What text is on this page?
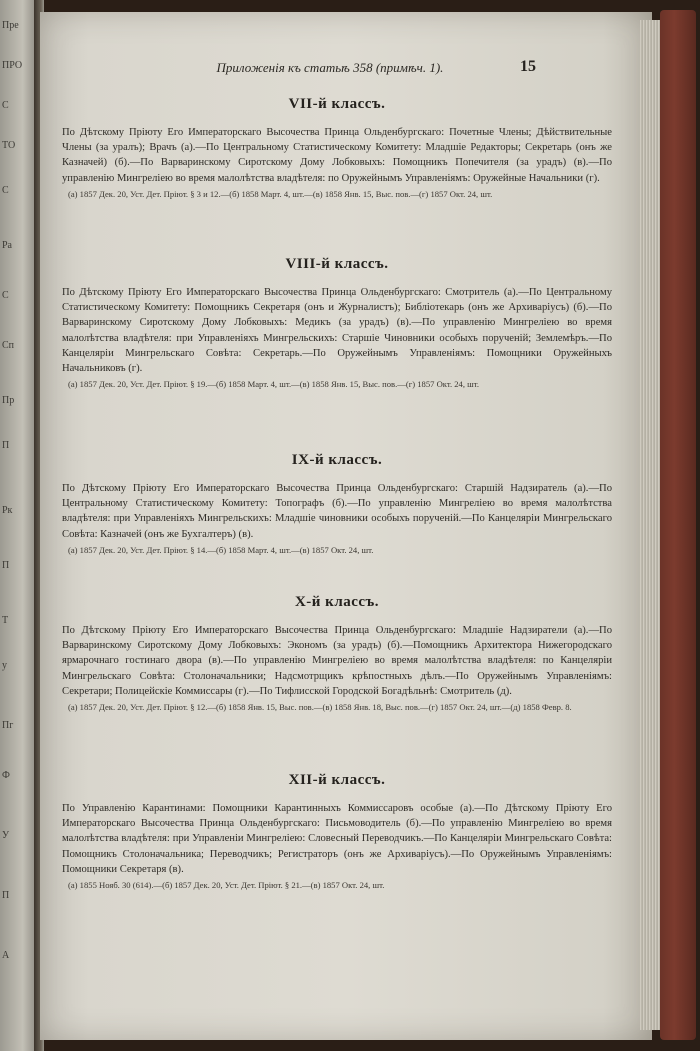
Пре
ПРО
С
ТО
С
Ра
С
Сп
Пр
П
Рк
П
Т
у
Пг
Ф
У
П
А
Приложенія къ статьѣ 358 (примѣч. 1).	15
VII-й классъ.
По Дѣтскому Пріюту Его Императорскаго Высочества Принца Ольденбургскаго: Почетные Члены; Дѣйствительные Члены (за уралъ); Врачъ (а).—По Центральному Статистическому Комитету: Младшіе Редакторы; Секретарь (онъ же Казначей) (б).—По Варваринскому Сиротскому Дому Лобковыхъ: Помощникъ Попечителя (за урадъ) (в).—По управленію Мингреліею во время малолѣтства владѣтеля: по Оружейнымъ Управленіямъ: Оружейные Начальники (г).
(а) 1857 Дек. 20, Уст. Дет. Пріют. § 3 и 12.—(б) 1858 Март. 4, шт.—(в) 1858 Янв. 15, Выс. пов.—(г) 1857 Окт. 24, шт.
VIII-й классъ.
По Дѣтскому Пріюту Его Императорскаго Высочества Принца Ольденбургскаго: Смотритель (а).—По Центральному Статистическому Комитету: Помощникъ Секретаря (онъ и Журналистъ); Библіотекарь (онъ же Архиваріусъ) (б).—По Варваринскому Сиротскому Дому Лобковыхъ: Медикъ (за урадъ) (в).—По управленію Мингреліею во время малолѣтства владѣтеля: при Управленіяхъ Мингрельскихъ: Старшіе Чиновники особыхъ порученій; Землемѣръ.—По Канцеляріи Мингрельскаго Совѣта: Секретарь.—По Оружейнымъ Управленіямъ: Помощники Оружейныхъ Начальниковъ (г).
(а) 1857 Дек. 20, Уст. Дет. Пріют. § 19.—(б) 1858 Март. 4, шт.—(в) 1858 Янв. 15, Выс. пов.—(г) 1857 Окт. 24, шт.
IX-й классъ.
По Дѣтскому Пріюту Его Императорскаго Высочества Принца Ольденбургскаго: Старшій Надзиратель (а).—По Центральному Статистическому Комитету: Топографъ (б).—По управленію Мингреліею во время малолѣтства владѣтеля: при Управленіяхъ Мингрельскихъ: Младшіе чиновники особыхъ порученій.—По Канцеляріи Мингрельскаго Совѣта: Казначей (онъ же Бухгалтеръ) (в).
(а) 1857 Дек. 20, Уст. Дет. Пріют. § 14.—(б) 1858 Март. 4, шт.—(в) 1857 Окт. 24, шт.
X-й классъ.
По Дѣтскому Пріюту Его Императорскаго Высочества Принца Ольденбургскаго: Младшіе Надзиратели (а).—По Варваринскому Сиротскому Дому Лобковыхъ: Экономъ (за урадъ) (б).—Помощникъ Архитектора Нижегородскаго ярмарочнаго гостинаго двора (в).—По управленію Мингреліею во время малолѣтства владѣтеля: по Канцеляріи Мингрельскаго Совѣта: Столоначальники; Надсмотрщикъ крѣпостныхъ дѣлъ.—По Оружейнымъ Управленіямъ: Секретари; Полицейскіе Коммиссары (г).—По Тифлисской Городской Богадѣльнѣ: Смотритель (д).
(а) 1857 Дек. 20, Уст. Дет. Пріют. § 12.—(б) 1858 Янв. 15, Выс. пов.—(в) 1858 Янв. 18, Выс. пов.—(г) 1857 Окт. 24, шт.—(д) 1858 Февр. 8.
XII-й классъ.
По Управленію Карантинами: Помощники Карантинныхъ Коммиссаровъ особые (а).—По Дѣтскому Пріюту Его Императорскаго Высочества Принца Ольденбургскаго: Письмоводитель (б).—По управленію Мингреліею во время малолѣтства владѣтеля: при Управленіи Мингреліею: Словесный Переводчикъ.—По Канцеляріи Мингрельскаго Совѣта: Помощникъ Столоначальника; Переводчикъ; Регистраторъ (онъ же Архиваріусъ).—По Оружейнымъ Управленіямъ: Помощники Секретаря (в).
(а) 1855 Нояб. 30 (614).—(б) 1857 Дек. 20, Уст. Дет. Пріют. § 21.—(в) 1857 Окт. 24, шт.
